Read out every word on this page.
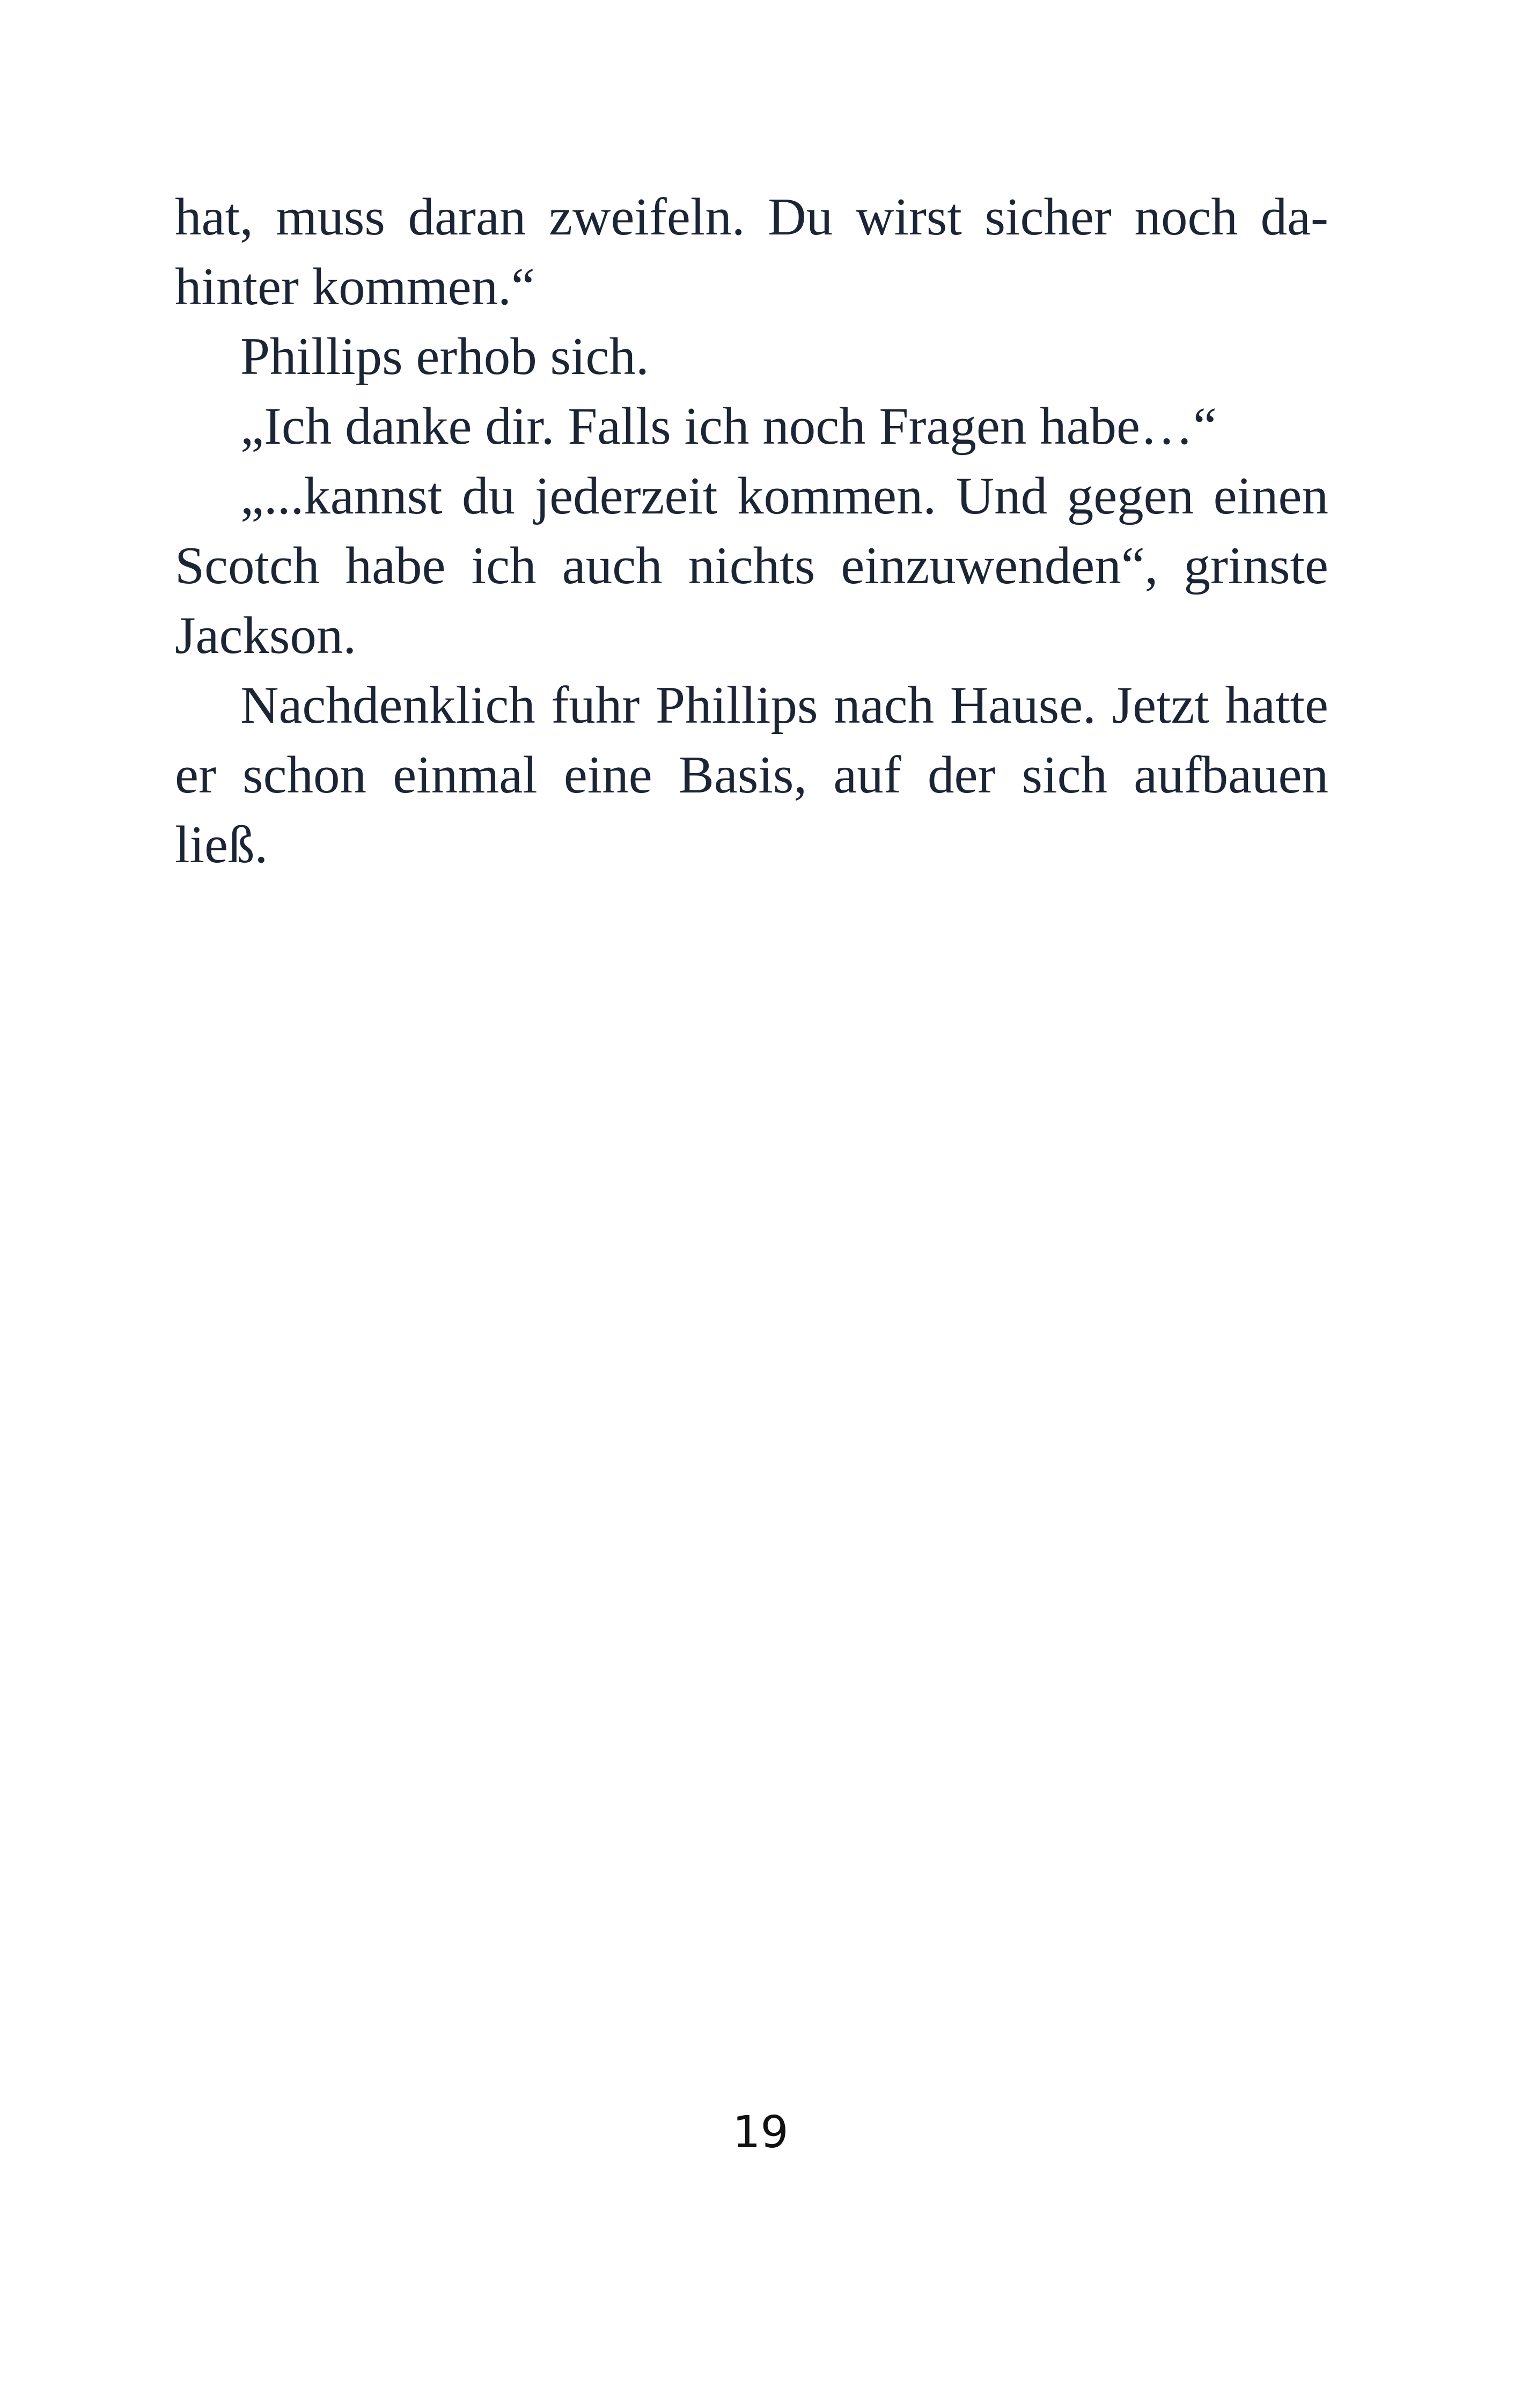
hat, muss daran zweifeln. Du wirst sicher noch da-
hinter kommen.“
Phillips erhob sich.
„Ich danke dir. Falls ich noch Fragen habe…“
„...kannst du jederzeit kommen. Und gegen einen
Scotch habe ich auch nichts einzuwenden“, grinste
Jackson.
Nachdenklich fuhr Phillips nach Hause. Jetzt hatte
er schon einmal eine Basis, auf der sich aufbauen
ließ.
19
